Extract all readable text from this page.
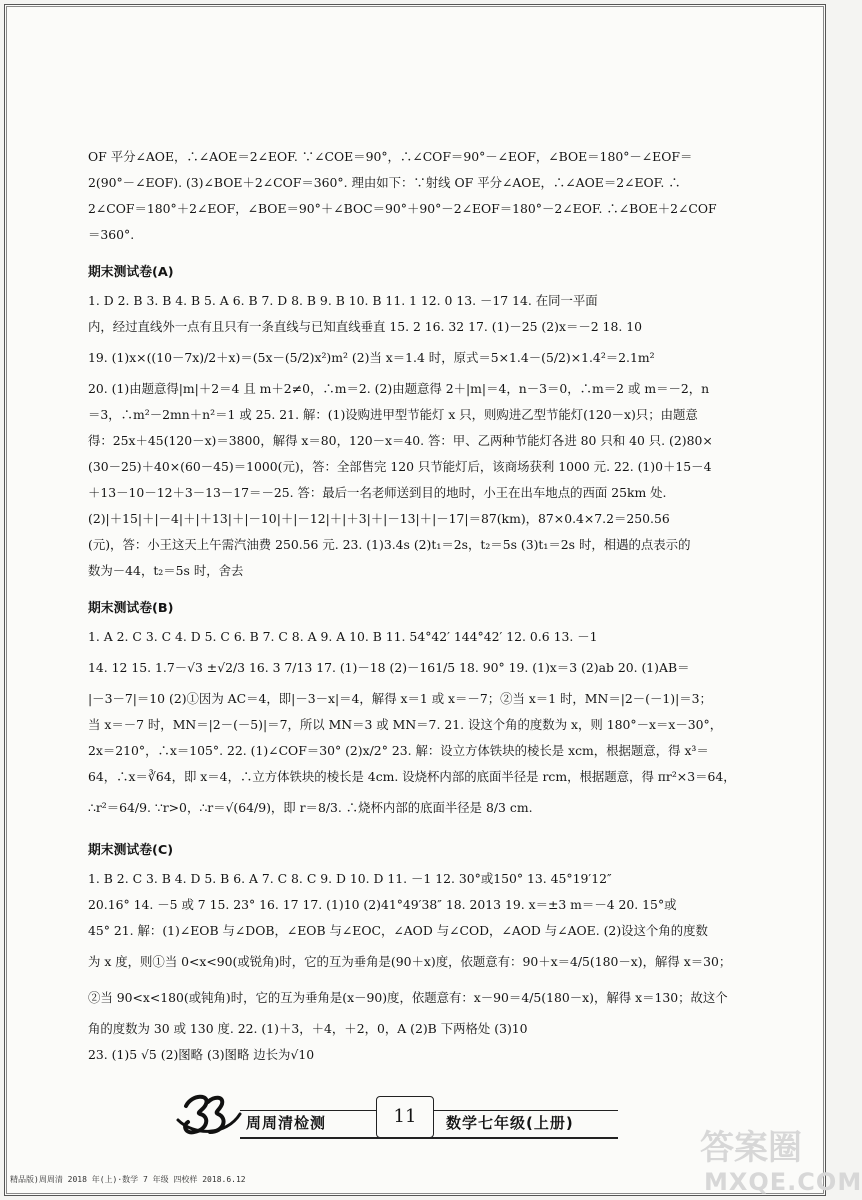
OF 平分∠AOE，∴∠AOE＝2∠EOF. ∵∠COE＝90°，∴∠COF＝90°－∠EOF，∠BOE＝180°－∠EOF＝
2(90°－∠EOF). (3)∠BOE＋2∠COF＝360°. 理由如下：∵射线 OF 平分∠AOE，∴∠AOE＝2∠EOF. ∴
2∠COF＝180°＋2∠EOF，∠BOE＝90°＋∠BOC＝90°＋90°－2∠EOF＝180°－2∠EOF. ∴∠BOE＋2∠COF
＝360°.
期末测试卷(A)
1. D 2. B 3. B 4. B 5. A 6. B 7. D 8. B 9. B 10. B 11. 1 12. 0 13. －17 14. 在同一平面
内，经过直线外一点有且只有一条直线与已知直线垂直 15. 2 16. 32 17. (1)－25 (2)x＝－2 18. 10
19. (1)x×((10－7x)/2＋x)＝(5x－(5/2)x²)m² (2)当 x＝1.4 时，原式＝5×1.4－(5/2)×1.4²＝2.1m²
20. (1)由题意得|m|＋2＝4 且 m＋2≠0，∴m＝2. (2)由题意得 2＋|m|＝4，n－3＝0，∴m＝2 或 m＝－2，n
＝3，∴m²－2mn＋n²＝1 或 25. 21. 解：(1)设购进甲型节能灯 x 只，则购进乙型节能灯(120－x)只；由题意
得：25x＋45(120－x)＝3800，解得 x＝80，120－x＝40. 答：甲、乙两种节能灯各进 80 只和 40 只. (2)80×
(30－25)＋40×(60－45)＝1000(元)，答：全部售完 120 只节能灯后，该商场获利 1000 元. 22. (1)0＋15－4
＋13－10－12＋3－13－17＝－25. 答：最后一名老师送到目的地时，小王在出车地点的西面 25km 处.
(2)|＋15|＋|－4|＋|＋13|＋|－10|＋|－12|＋|＋3|＋|－13|＋|－17|＝87(km)，87×0.4×7.2＝250.56
(元)，答：小王这天上午需汽油费 250.56 元. 23. (1)3.4s (2)t₁＝2s，t₂＝5s (3)t₁＝2s 时，相遇的点表示的
数为－44，t₂＝5s 时，舍去
期末测试卷(B)
1. A 2. C 3. C 4. D 5. C 6. B 7. C 8. A 9. A 10. B 11. 54°42′ 144°42′ 12. 0.6 13. －1
14. 12 15. 1.7－√3 ±√2/3 16. 3 7/13 17. (1)－18 (2)－161/5 18. 90° 19. (1)x＝3 (2)ab 20. (1)AB＝
|－3－7|＝10 (2)①因为 AC＝4，即|－3－x|＝4，解得 x＝1 或 x＝－7；②当 x＝1 时，MN＝|2－(－1)|＝3；
当 x＝－7 时，MN＝|2－(－5)|＝7，所以 MN＝3 或 MN＝7. 21. 设这个角的度数为 x，则 180°－x＝x－30°，
2x＝210°，∴x＝105°. 22. (1)∠COF＝30° (2)x/2° 23. 解：设立方体铁块的棱长是 xcm，根据题意，得 x³＝
64，∴x＝∛64，即 x＝4，∴立方体铁块的棱长是 4cm. 设烧杯内部的底面半径是 rcm，根据题意，得 πr²×3＝64，
∴r²＝64/9. ∵r>0，∴r＝√(64/9)，即 r＝8/3. ∴烧杯内部的底面半径是 8/3 cm.
期末测试卷(C)
1. B 2. C 3. B 4. D 5. B 6. A 7. C 8. C 9. D 10. D 11. －1 12. 30°或150° 13. 45°19′12″
20.16° 14. －5 或 7 15. 23° 16. 17 17. (1)10 (2)41°49′38″ 18. 2013 19. x＝±3 m＝－4 20. 15°或
45° 21. 解：(1)∠EOB 与∠DOB，∠EOB 与∠EOC，∠AOD 与∠COD，∠AOD 与∠AOE. (2)设这个角的度数
为 x 度，则①当 0<x<90(或锐角)时，它的互为垂角是(90＋x)度，依题意有：90＋x＝4/5(180－x)，解得 x＝30；
②当 90<x<180(或钝角)时，它的互为垂角是(x－90)度，依题意有：x－90＝4/5(180－x)，解得 x＝130；故这个
角的度数为 30 或 130 度. 22. (1)＋3，＋4，＋2，0，A (2)B 下两格处 (3)10
23. (1)5 √5 (2)图略 (3)图略 边长为√10
周周清检测	11	数学七年级(上册)
精品版)周周清 2018 年(上)·数学 7 年级 四校样 2018.6.12
答案圈
MXQE.COM
